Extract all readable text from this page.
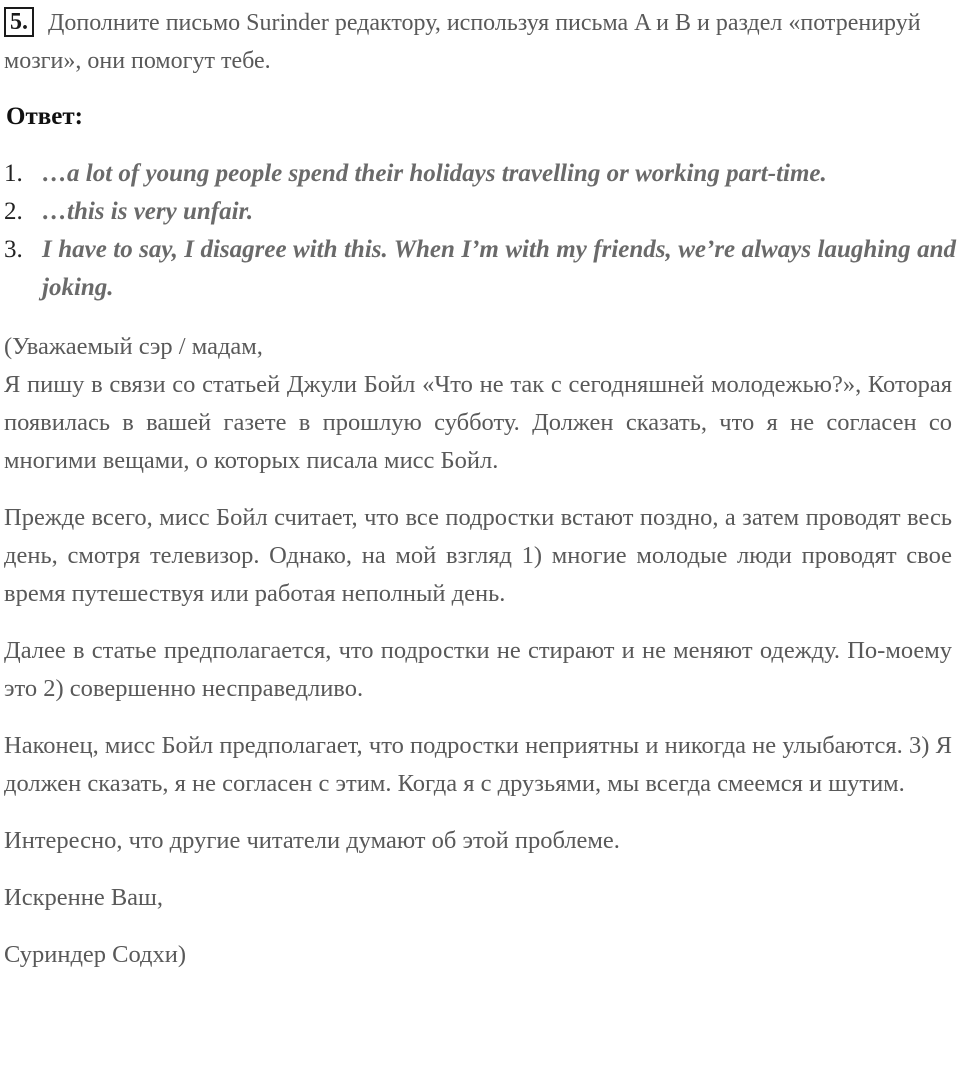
5. Дополните письмо Surinder редактору, используя письма A и B и раздел «потренируй мозги», они помогут тебе.
Ответ:
1. …a lot of young people spend their holidays travelling or working part-time.
2. …this is very unfair.
3. I have to say, I disagree with this. When I’m with my friends, we’re always laughing and joking.

(Уважаемый сэр / мадам,

Я пишу в связи со статьей Джули Бойл «Что не так с сегодняшней молодежью?», Которая появилась в вашей газете в прошлую субботу. Должен сказать, что я не согласен со многими вещами, о которых писала мисс Бойл.

Прежде всего, мисс Бойл считает, что все подростки встают поздно, а затем проводят весь день, смотря телевизор. Однако, на мой взгляд 1) многие молодые люди проводят свое время путешествуя или работая неполный день.

Далее в статье предполагается, что подростки не стирают и не меняют одежду. По-моему это 2) совершенно несправедливо.

Наконец, мисс Бойл предполагает, что подростки неприятны и никогда не улыбаются. 3) Я должен сказать, я не согласен с этим. Когда я с друзьями, мы всегда смеемся и шутим.

Интересно, что другие читатели думают об этой проблеме.

Искренне Ваш,

Суриндер Содхи)
